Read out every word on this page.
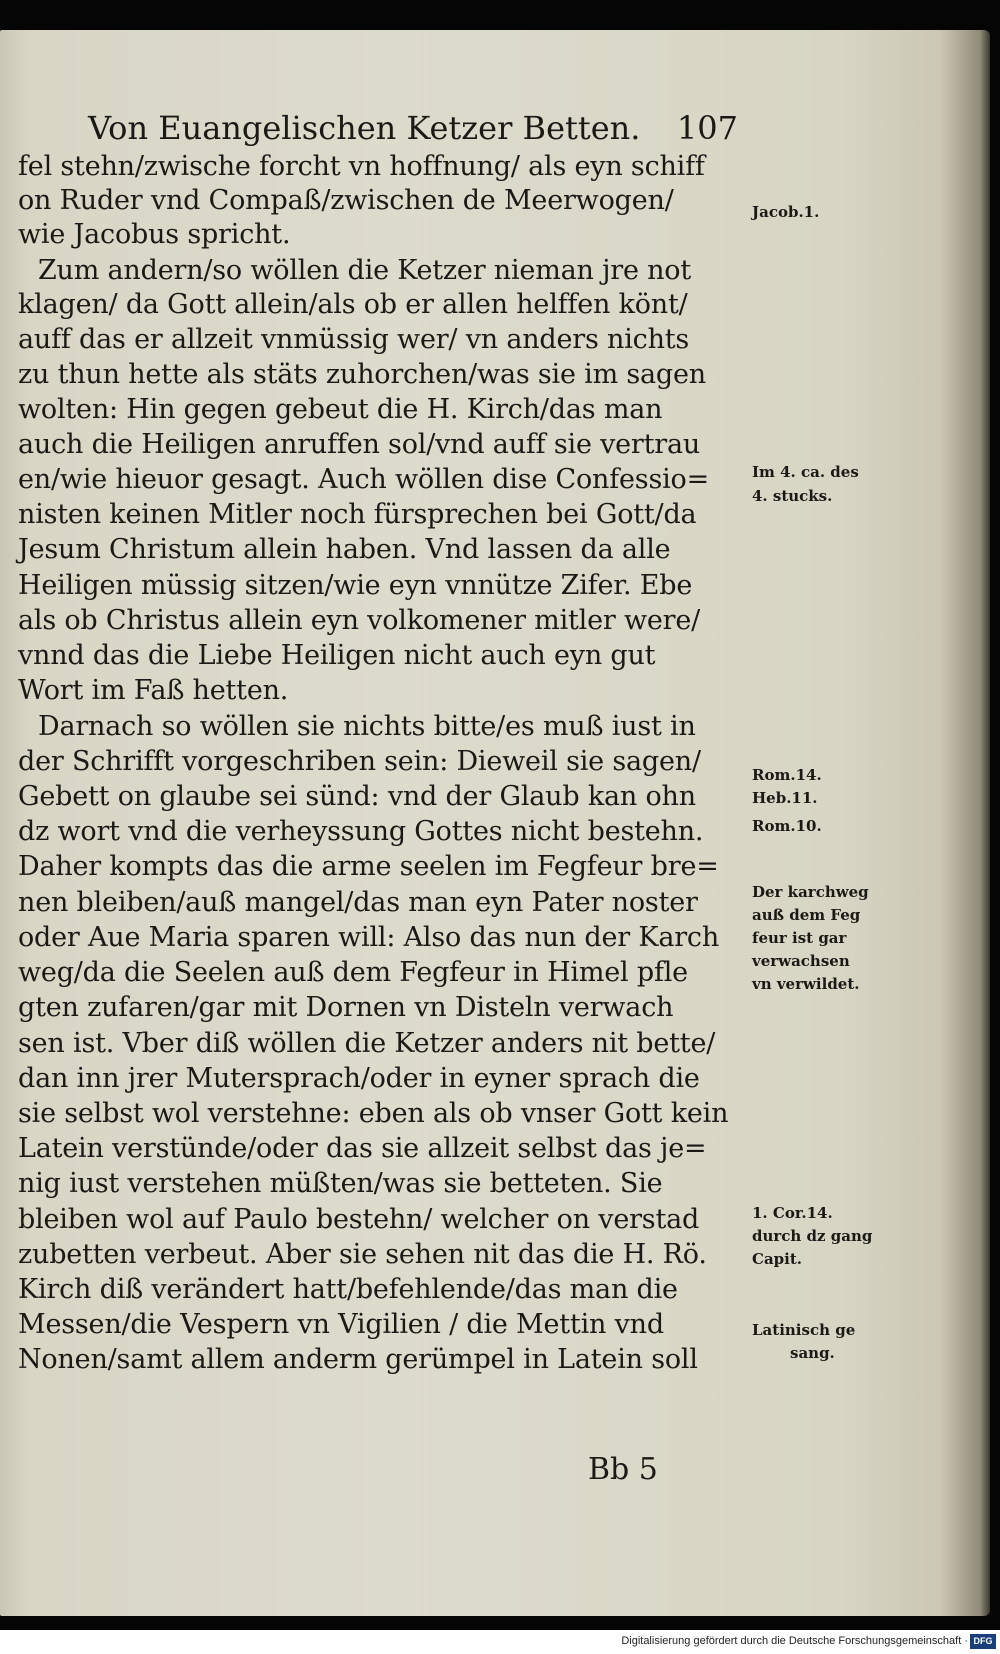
Von Euangelischen Ketzer Betten. 107
fel stehn/zwische forcht vn hoffnung/ als eyn schiff
on Ruder vnd Compaß/zwischen de Meerwogen/
wie Jacobus spricht.
Zum andern/so wöllen die Ketzer nieman jre not
klagen/ da Gott allein/als ob er allen helffen könt/
auff das er allzeit vnmüssig wer/ vn anders nichts
zu thun hette als stäts zuhorchen/was sie im sagen
wolten: Hin gegen gebeut die H. Kirch/das man
auch die Heiligen anruffen sol/vnd auff sie vertrau
en/wie hieuor gesagt. Auch wöllen dise Confessio=
nisten keinen Mitler noch fürsprechen bei Gott/da
Jesum Christum allein haben. Vnd lassen da alle
Heiligen müssig sitzen/wie eyn vnnütze Zifer. Ebe
als ob Christus allein eyn volkomener mitler were/
vnnd das die Liebe Heiligen nicht auch eyn gut
Wort im Faß hetten.
Darnach so wöllen sie nichts bitte/es muß iust in
der Schrifft vorgeschriben sein: Dieweil sie sagen/
Gebett on glaube sei sünd: vnd der Glaub kan ohn
dz wort vnd die verheyssung Gottes nicht bestehn.
Daher kompts das die arme seelen im Fegfeur bre=
nen bleiben/auß mangel/das man eyn Pater noster
oder Aue Maria sparen will: Also das nun der Karch
weg/da die Seelen auß dem Fegfeur in Himel pfle
gten zufaren/gar mit Dornen vn Disteln verwach
sen ist. Vber diß wöllen die Ketzer anders nit bette/
dan inn jrer Mutersprach/oder in eyner sprach die
sie selbst wol verstehne: eben als ob vnser Gott kein
Latein verstünde/oder das sie allzeit selbst das je=
nig iust verstehen müßten/was sie betteten. Sie
bleiben wol auf Paulo bestehn/ welcher on verstad
zubetten verbeut. Aber sie sehen nit das die H. Rö.
Kirch diß verändert hatt/befehlende/das man die
Messen/die Vespern vn Vigilien / die Mettin vnd
Nonen/samt allem anderm gerümpel in Latein soll
Jacob.1.
Im 4. ca. des
4. stucks.
Rom.14.
Heb.11.
Rom.10.
Der karchweg
auß dem Feg
feur ist gar
verwachsen
vn verwildet.
1. Cor.14.
durch dz gang
Capit.
Latinisch ge
sang.
Bb 5
Digitalisierung gefördert durch die Deutsche Forschungsgemeinschaft · DFG
